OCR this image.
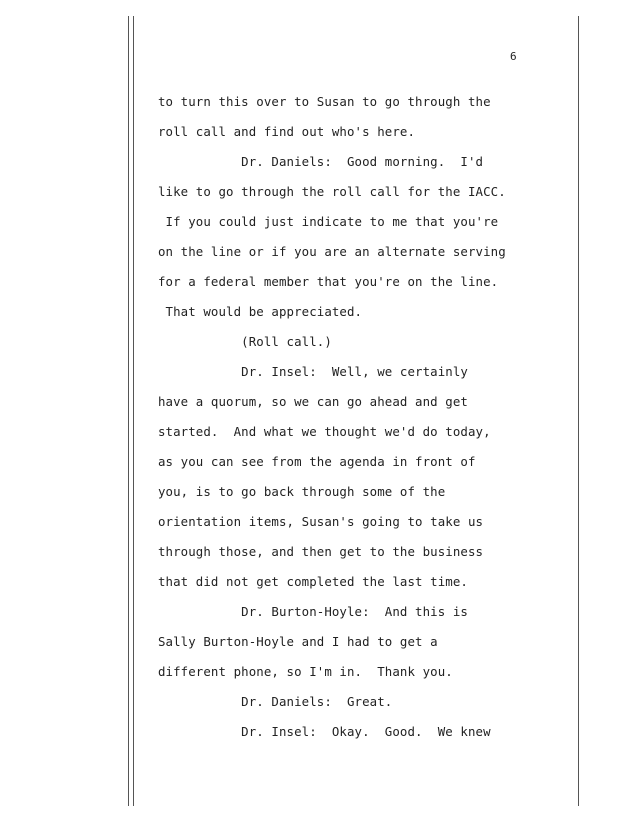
6
to turn this over to Susan to go through the
roll call and find out who's here.
Dr. Daniels:  Good morning.  I'd
like to go through the roll call for the IACC.
If you could just indicate to me that you're
on the line or if you are an alternate serving
for a federal member that you're on the line.
That would be appreciated.
(Roll call.)
Dr. Insel:  Well, we certainly
have a quorum, so we can go ahead and get
started.  And what we thought we'd do today,
as you can see from the agenda in front of
you, is to go back through some of the
orientation items, Susan's going to take us
through those, and then get to the business
that did not get completed the last time.
Dr. Burton-Hoyle:  And this is
Sally Burton-Hoyle and I had to get a
different phone, so I'm in.  Thank you.
Dr. Daniels:  Great.
Dr. Insel:  Okay.  Good.  We knew
